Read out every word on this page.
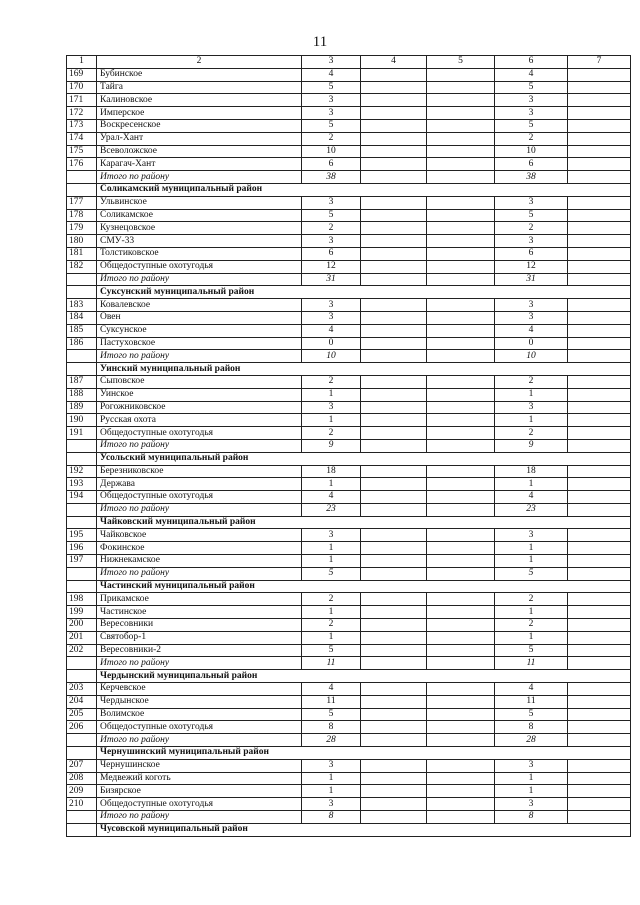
11
1	2	3	4	5	6	7
169	Бубинское	4			4	
170	Тайга	5			5	
171	Калиновское	3			3	
172	Имперское	3			3	
173	Воскресенское	5			5	
174	Урал-Хант	2			2	
175	Всеволожское	10			10	
176	Карагач-Хант	6			6	
	Итого по району	38			38	
	Соликамский муниципальный район					
177	Ульвинское	3			3	
178	Соликамское	5			5	
179	Кузнецовское	2			2	
180	СМУ-33	3			3	
181	Толстиковское	6			6	
182	Общедоступные охотугодья	12			12	
	Итого по району	31			31	
	Суксунский муниципальный район					
183	Ковалевское	3			3	
184	Овен	3			3	
185	Суксунское	4			4	
186	Пастуховское	0			0	
	Итого по району	10			10	
	Уинский муниципальный район					
187	Сыповское	2			2	
188	Уинское	1			1	
189	Рогожниковское	3			3	
190	Русская охота	1			1	
191	Общедоступные охотугодья	2			2	
	Итого по району	9			9	
	Усольский муниципальный район					
192	Березниковское	18			18	
193	Держава	1			1	
194	Общедоступные охотугодья	4			4	
	Итого по району	23			23	
	Чайковский муниципальный район					
195	Чайковское	3			3	
196	Фокинское	1			1	
197	Нижнекамское	1			1	
	Итого по району	5			5	
	Частинский муниципальный район					
198	Прикамское	2			2	
199	Частинское	1			1	
200	Вересовники	2			2	
201	Святобор-1	1			1	
202	Вересовники-2	5			5	
	Итого по району	11			11	
	Чердынский муниципальный район					
203	Керчевское	4			4	
204	Чердынское	11			11	
205	Волимское	5			5	
206	Общедоступные охотугодья	8			8	
	Итого по району	28			28	
	Чернушинский муниципальный район					
207	Чернушинское	3			3	
208	Медвежий коготь	1			1	
209	Бизярское	1			1	
210	Общедоступные охотугодья	3			3	
	Итого по району	8			8	
	Чусовской муниципальный район					
